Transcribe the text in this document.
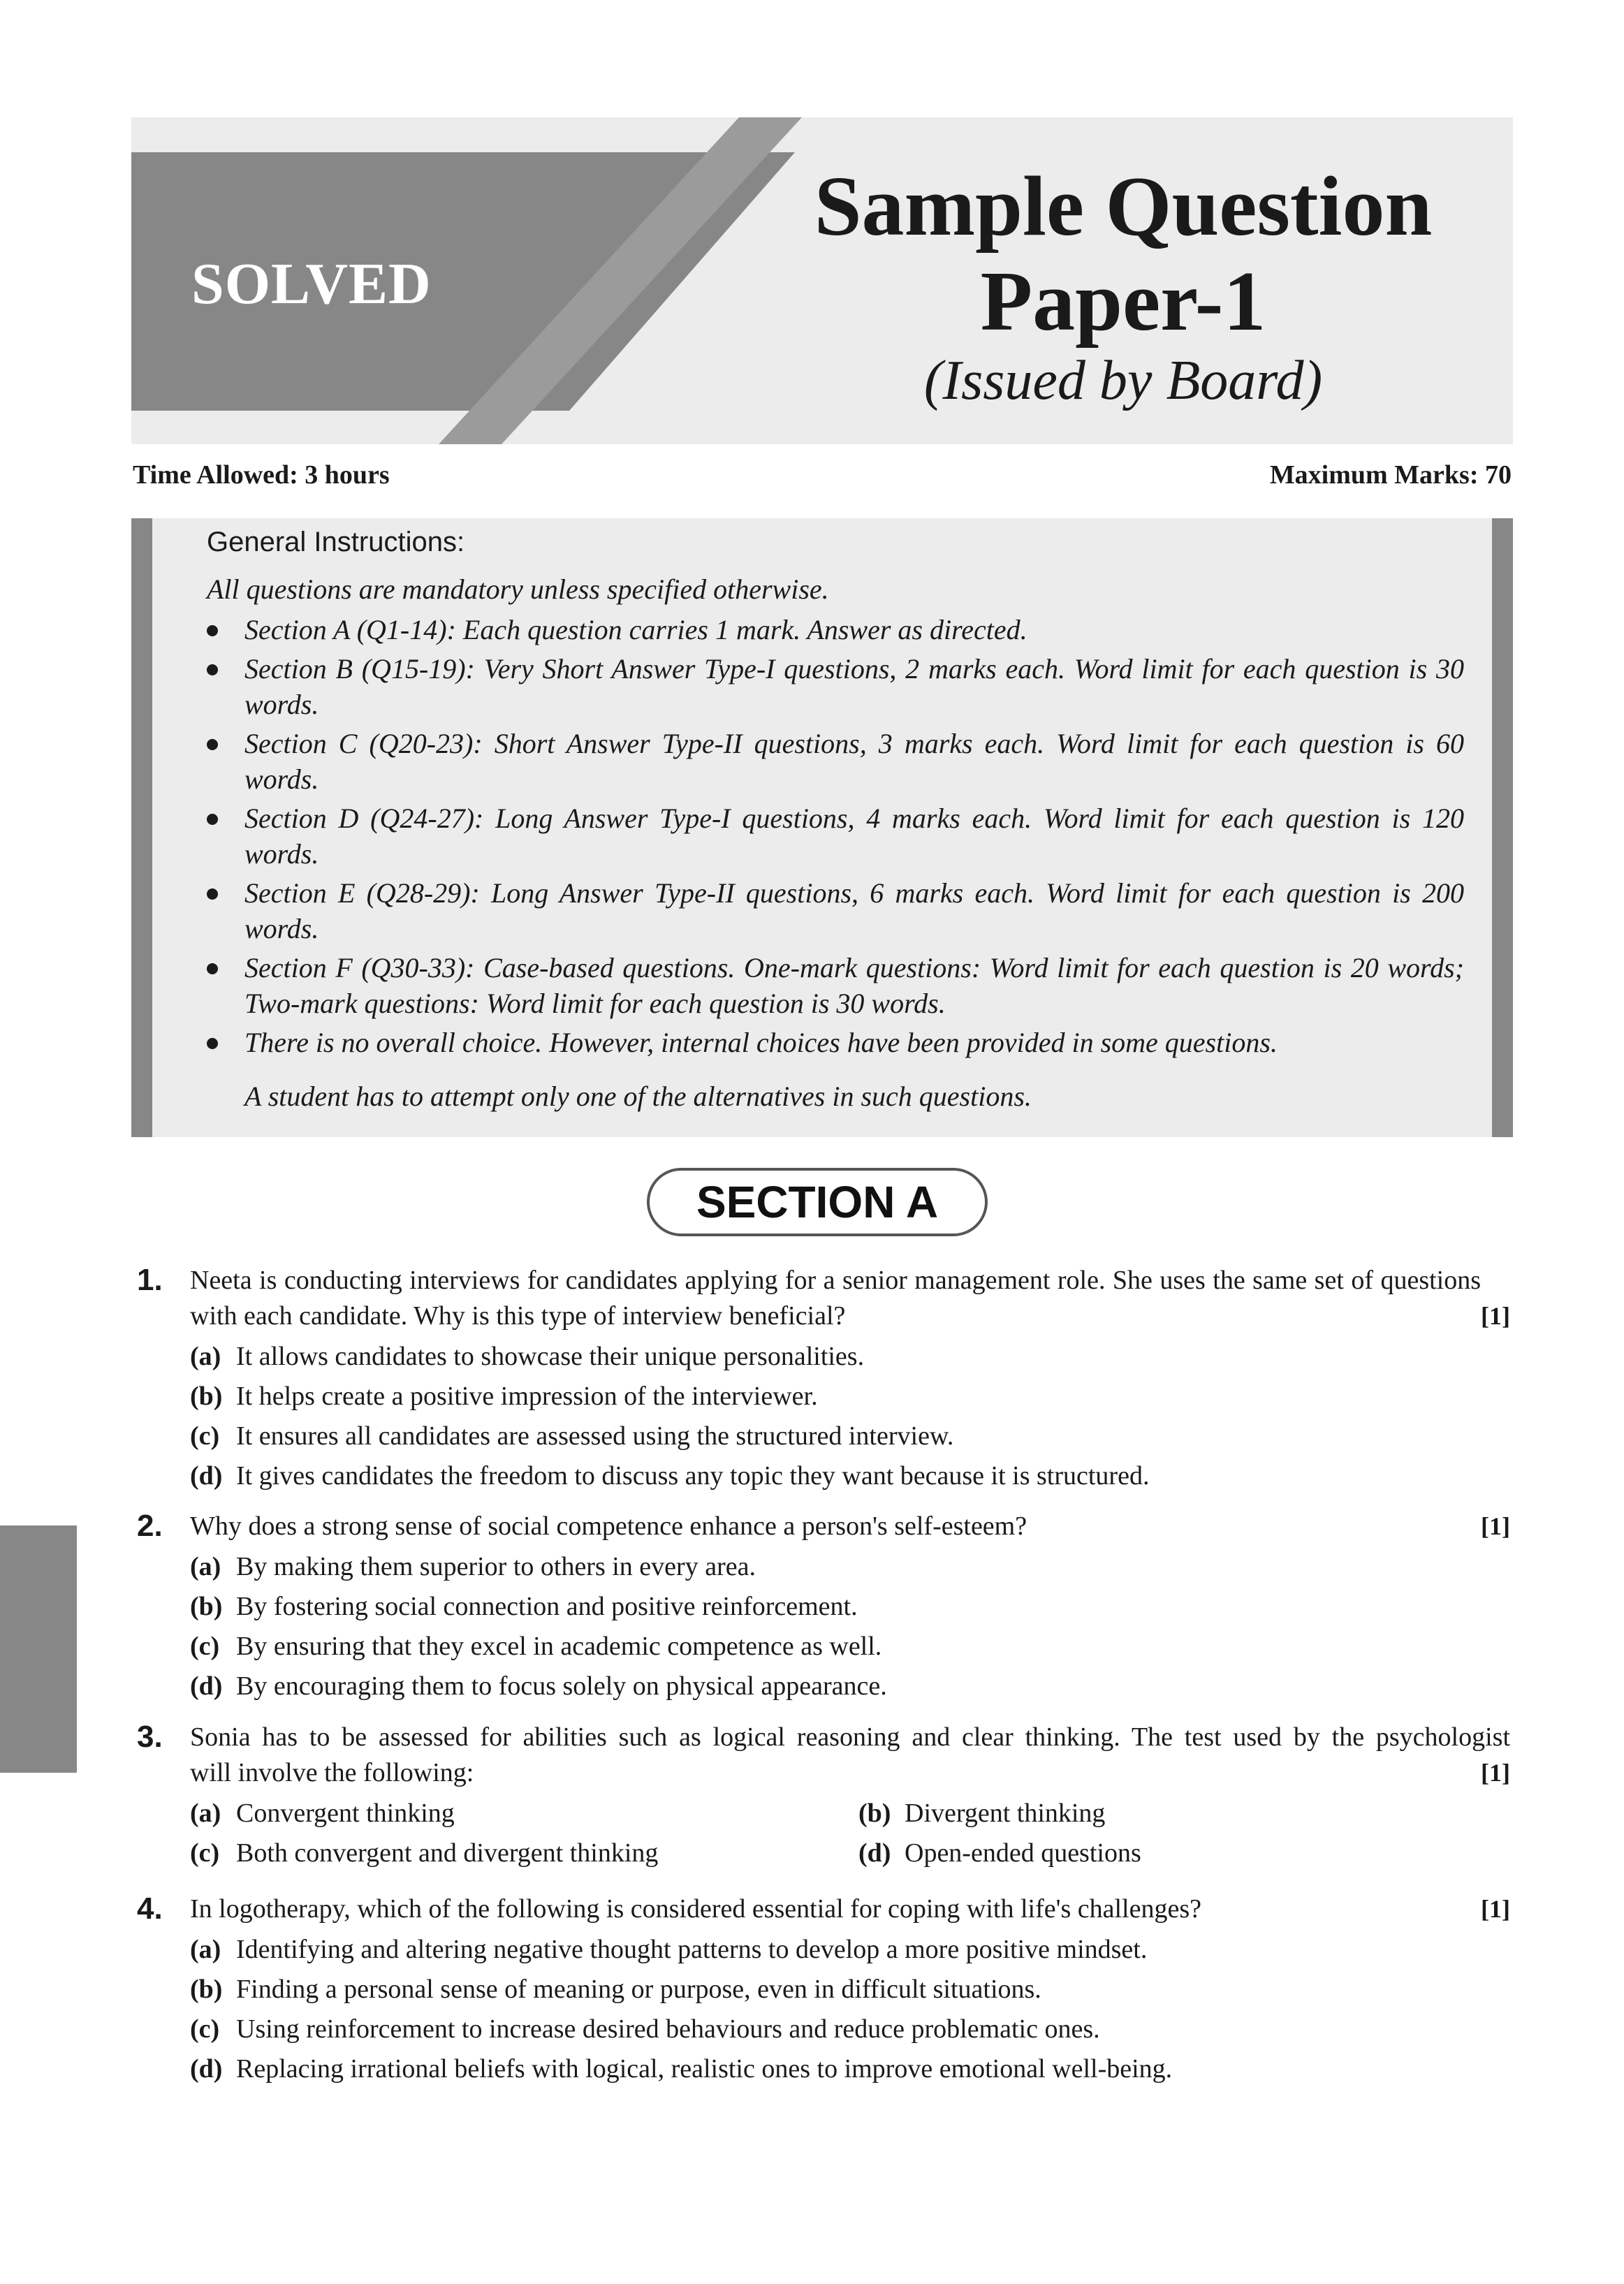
SOLVED
Sample Question
Paper-1
(Issued by Board)
Time Allowed: 3 hours	Maximum Marks: 70
General Instructions:
All questions are mandatory unless specified otherwise.
Section A (Q1-14): Each question carries 1 mark. Answer as directed.
Section B (Q15-19): Very Short Answer Type-I questions, 2 marks each. Word limit for each question is 30 words.
Section C (Q20-23): Short Answer Type-II questions, 3 marks each. Word limit for each question is 60 words.
Section D (Q24-27): Long Answer Type-I questions, 4 marks each. Word limit for each question is 120 words.
Section E (Q28-29): Long Answer Type-II questions, 6 marks each. Word limit for each question is 200 words.
Section F (Q30-33): Case-based questions. One-mark questions: Word limit for each question is 20 words; Two-mark questions: Word limit for each question is 30 words.
There is no overall choice. However, internal choices have been provided in some questions.
A student has to attempt only one of the alternatives in such questions.
SECTION A
1.
[1]
Neeta is conducting interviews for candidates applying for a senior management role. She uses the same set of questions with each candidate. Why is this type of interview beneficial?
(a) It allows candidates to showcase their unique personalities.
(b) It helps create a positive impression of the interviewer.
(c) It ensures all candidates are assessed using the structured interview.
(d) It gives candidates the freedom to discuss any topic they want because it is structured.
2.	[1]
Why does a strong sense of social competence enhance a person's self-esteem?
(a) By making them superior to others in every area.
(b) By fostering social connection and positive reinforcement.
(c) By ensuring that they excel in academic competence as well.
(d) By encouraging them to focus solely on physical appearance.
3. Sonia has to be assessed for abilities such as logical reasoning and clear thinking. The test used by the psychologist
[1]
will involve the following:
(a) Convergent thinking	(b) Divergent thinking
(c) Both convergent and divergent thinking	(d) Open-ended questions
4.	[1]
In logotherapy, which of the following is considered essential for coping with life's challenges?
(a) Identifying and altering negative thought patterns to develop a more positive mindset.
(b) Finding a personal sense of meaning or purpose, even in difficult situations.
(c) Using reinforcement to increase desired behaviours and reduce problematic ones.
(d) Replacing irrational beliefs with logical, realistic ones to improve emotional well-being.
